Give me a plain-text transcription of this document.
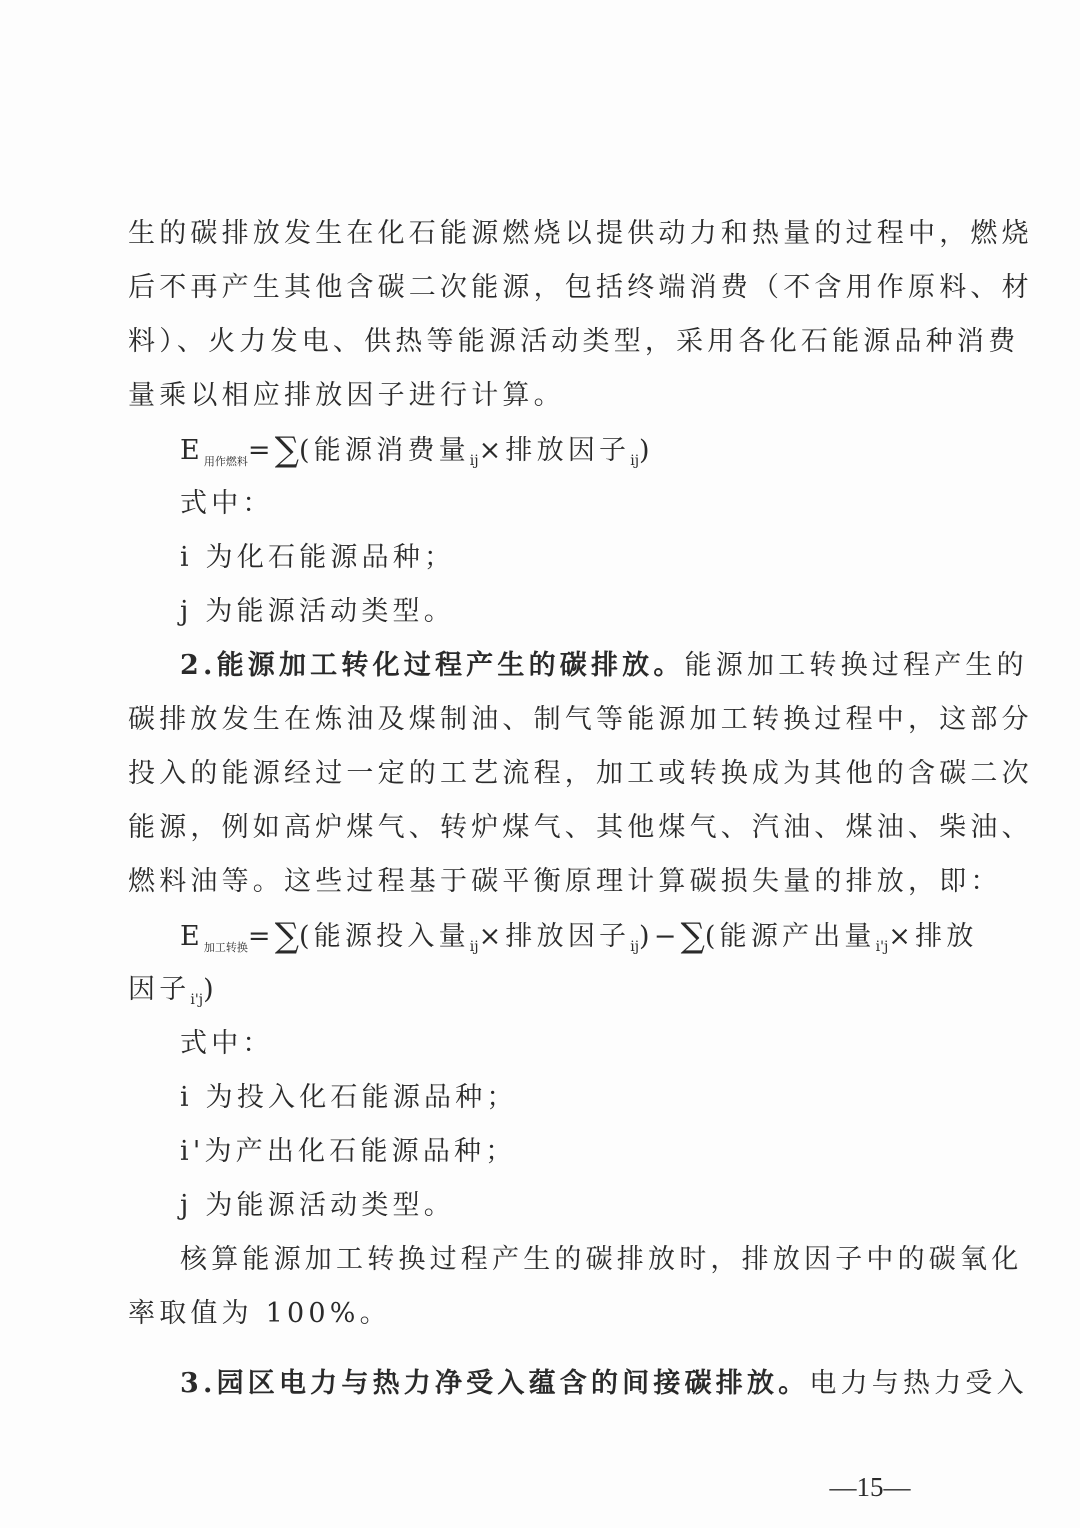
生的碳排放发生在化石能源燃烧以提供动力和热量的过程中，燃烧
后不再产生其他含碳二次能源，包括终端消费（不含用作原料、材
料）、火力发电、供热等能源活动类型，采用各化石能源品种消费
量乘以相应排放因子进行计算。
$E_{用作燃料}=\sum$(能源消费量$_{ij}$×排放因子$_{ij}$)
式中：
i 为化石能源品种；
j 为能源活动类型。
2.能源加工转化过程产生的碳排放。能源加工转换过程产生的
碳排放发生在炼油及煤制油、制气等能源加工转换过程中，这部分
投入的能源经过一定的工艺流程，加工或转换成为其他的含碳二次
能源，例如高炉煤气、转炉煤气、其他煤气、汽油、煤油、柴油、
燃料油等。这些过程基于碳平衡原理计算碳损失量的排放，即：
$E_{加工转换}=\sum$(能源投入量$_{ij}$×排放因子$_{ij}$)−∑(能源产出量$_{i'j}$×排放
因子$_{i'j}$)
式中：
i 为投入化石能源品种；
i'为产出化石能源品种；
j 为能源活动类型。
核算能源加工转换过程产生的碳排放时，排放因子中的碳氧化
率取值为 100%。
3.园区电力与热力净受入蕴含的间接碳排放。电力与热力受入
—15—
